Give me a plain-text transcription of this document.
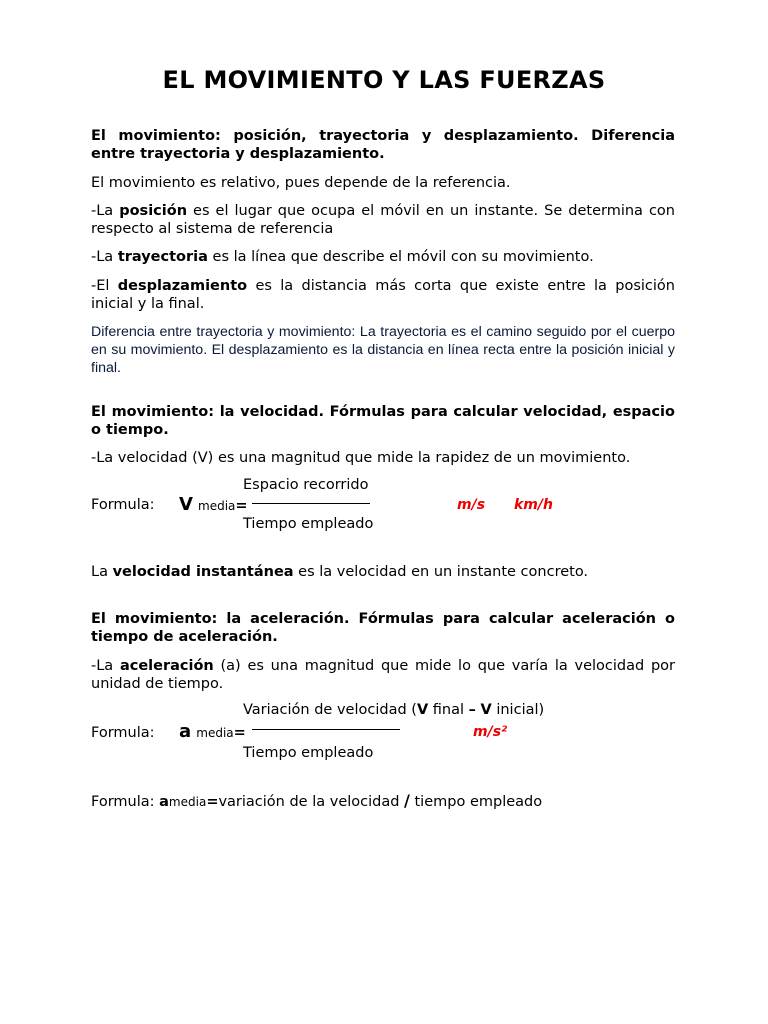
EL MOVIMIENTO Y LAS FUERZAS

El movimiento: posición, trayectoria y desplazamiento. Diferencia entre trayectoria y desplazamiento.

El movimiento es relativo, pues depende de la referencia.

-La posición es el lugar que ocupa el móvil en un instante. Se determina con respecto al sistema de referencia

-La trayectoria es la línea que describe el móvil con su movimiento.

-El desplazamiento es la distancia más corta que existe entre la posición inicial y la final.

Diferencia entre trayectoria y movimiento: La trayectoria es el camino seguido por el cuerpo en su movimiento. El desplazamiento es la distancia en línea recta entre la posición inicial y final.

El movimiento: la velocidad. Fórmulas para calcular velocidad, espacio o tiempo.

-La velocidad (V) es una magnitud que mide la rapidez de un movimiento.

Espacio recorrido
Formula: V media=
Tiempo empleado
m/s km/h

La velocidad instantánea es la velocidad en un instante concreto.

El movimiento: la aceleración. Fórmulas para calcular aceleración o tiempo de aceleración.

-La aceleración (a) es una magnitud que mide lo que varía la velocidad por unidad de tiempo.

Variación de velocidad (V final – V inicial)
Formula: a media=
Tiempo empleado
m/s²
Formula: amedia=variación de la velocidad / tiempo empleado
